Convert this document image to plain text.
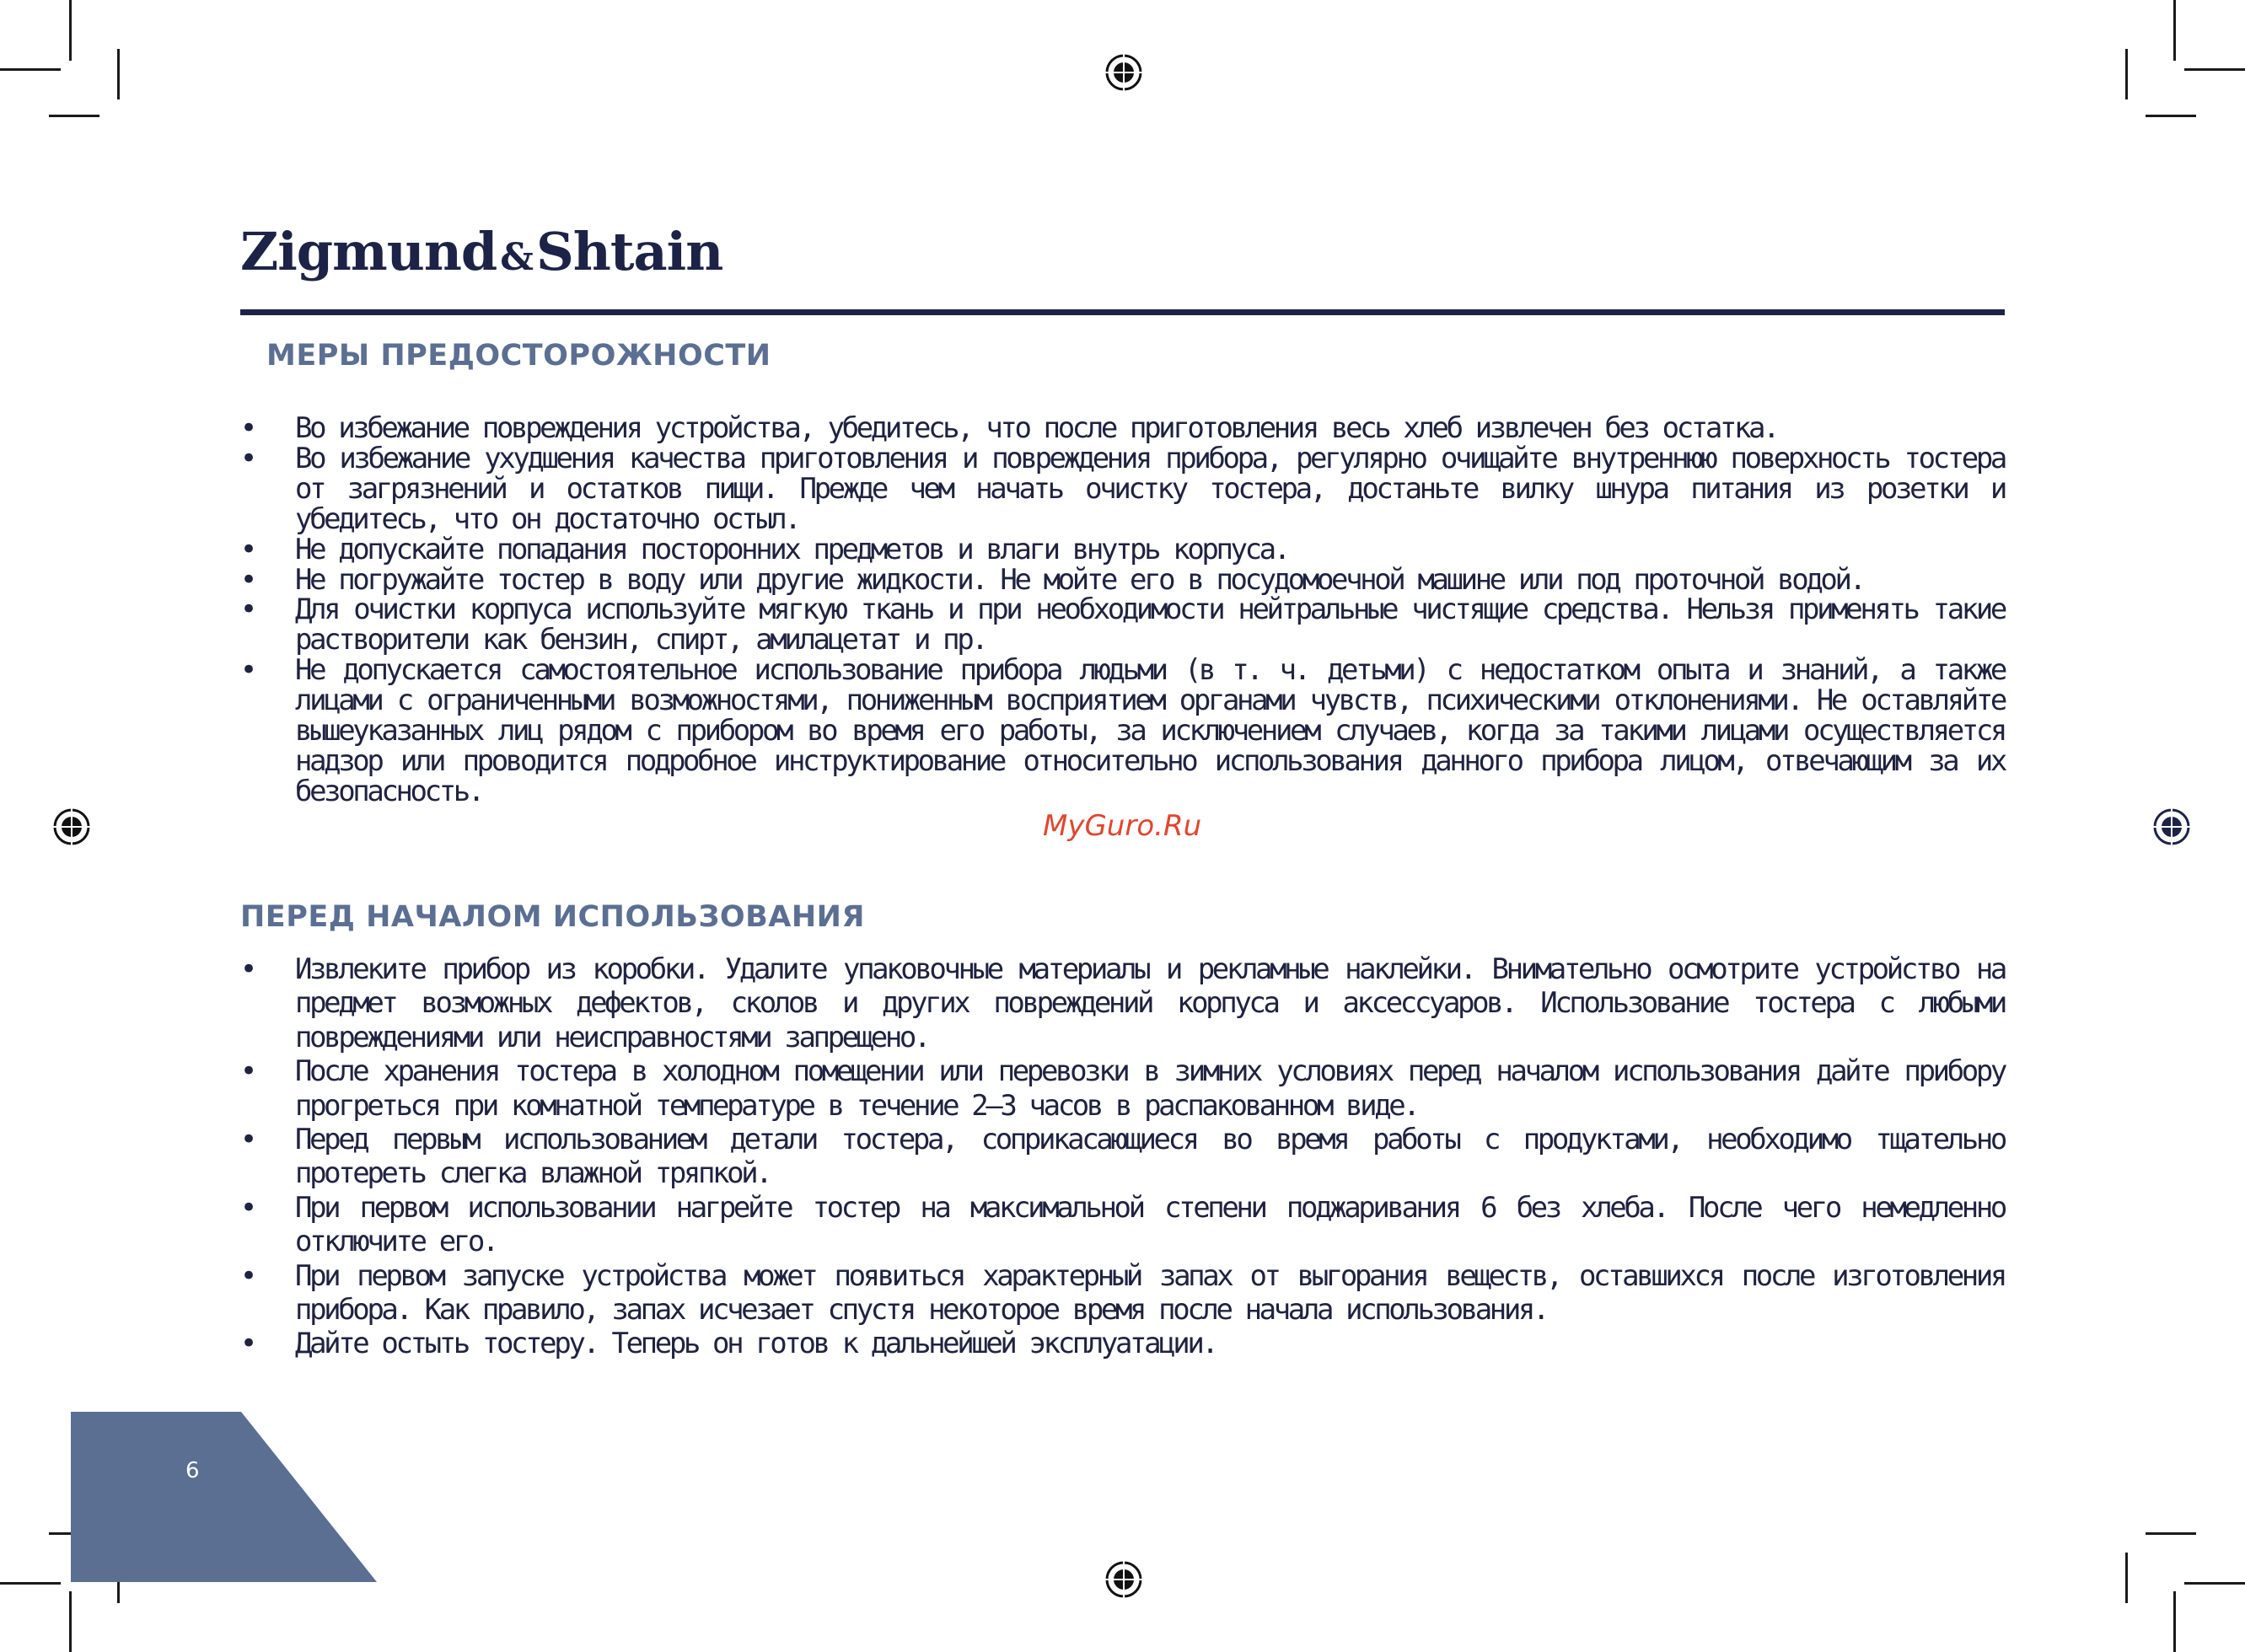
Zigmund&Shtain
МЕРЫ ПРЕДОСТОРОЖНОСТИ
• Во избежание повреждения устройства, убедитесь, что после приготовления весь хлеб извлечен без остатка.
• Во избежание ухудшения качества приготовления и повреждения прибора, регулярно очищайте внутреннюю поверхность тостера от загрязнений и остатков пищи. Прежде чем начать очистку тостера, достаньте вилку шнура питания из розетки и убедитесь, что он достаточно остыл.
• Не допускайте попадания посторонних предметов и влаги внутрь корпуса.
• Не погружайте тостер в воду или другие жидкости. Не мойте его в посудомоечной машине или под проточной водой.
• Для очистки корпуса используйте мягкую ткань и при необходимости нейтральные чистящие средства. Нельзя применять такие растворители как бензин, спирт, амилацетат и пр.
• Не допускается самостоятельное использование прибора людьми (в т. ч. детьми) с недостатком опыта и знаний, а также лицами с ограниченными возможностями, пониженным восприятием органами чувств, психическими отклонениями. Не оставляйте вышеуказанных лиц рядом с прибором во время его работы, за исключением случаев, когда за такими лицами осуществляется надзор или проводится подробное инструктирование относительно использования данного прибора лицом, отвечающим за их безопасность.
MyGuro.Ru
ПЕРЕД НАЧАЛОМ ИСПОЛЬЗОВАНИЯ
• Извлеките прибор из коробки. Удалите упаковочные материалы и рекламные наклейки. Внимательно осмотрите устройство на предмет возможных дефектов, сколов и других повреждений корпуса и аксессуаров. Использование тостера с любыми повреждениями или неисправностями запрещено.
• После хранения тостера в холодном помещении или перевозки в зимних условиях перед началом использования дайте прибору прогреться при комнатной температуре в течение 2–3 часов в распакованном виде.
• Перед первым использованием детали тостера, соприкасающиеся во время работы с продуктами, необходимо тщательно протереть слегка влажной тряпкой.
• При первом использовании нагрейте тостер на максимальной степени поджаривания 6 без хлеба. После чего немедленно отключите его.
• При первом запуске устройства может появиться характерный запах от выгорания веществ, оставшихся после изготовления прибора. Как правило, запах исчезает спустя некоторое время после начала использования.
• Дайте остыть тостеру. Теперь он готов к дальнейшей эксплуатации.
6
